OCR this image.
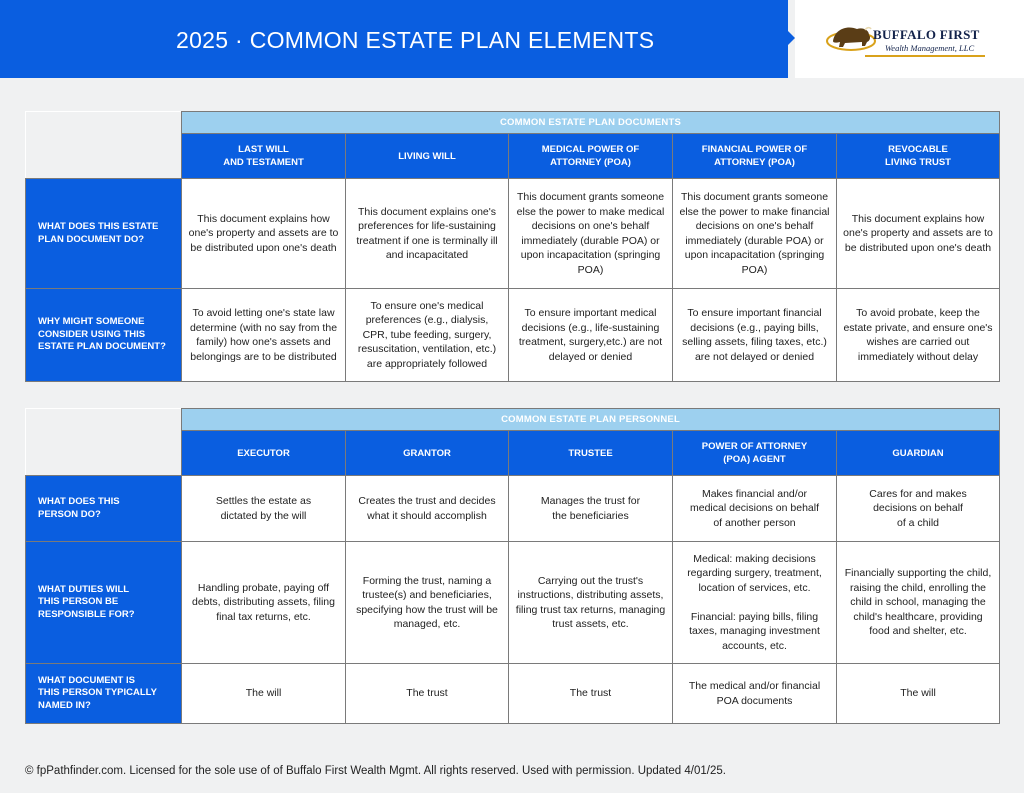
2025 · COMMON ESTATE PLAN ELEMENTS	BUFFALO FIRST
Wealth Management, LLC
	COMMON ESTATE PLAN DOCUMENTS				
	LAST WILL
AND TESTAMENT	LIVING WILL	MEDICAL POWER OF
ATTORNEY (POA)	FINANCIAL POWER OF
ATTORNEY (POA)	REVOCABLE
LIVING TRUST
WHAT DOES THIS ESTATE
PLAN DOCUMENT DO?	This document explains how one's property and assets are to be distributed upon one's death	This document explains one's preferences for life-sustaining treatment if one is terminally ill and incapacitated	This document grants someone else the power to make medical decisions on one's behalf immediately (durable POA) or upon incapacitation (springing POA)	This document grants someone else the power to make financial decisions on one's behalf immediately (durable POA) or upon incapacitation (springing POA)	This document explains how one's property and assets are to be distributed upon one's death
WHY MIGHT SOMEONE
CONSIDER USING THIS
ESTATE PLAN DOCUMENT?	To avoid letting one's state law determine (with no say from the family) how one's assets and belongings are to be distributed	To ensure one's medical preferences (e.g., dialysis, CPR, tube feeding, surgery, resuscitation, ventilation, etc.) are appropriately followed	To ensure important medical decisions (e.g., life-sustaining treatment, surgery,etc.) are not delayed or denied	To ensure important financial decisions (e.g., paying bills, selling assets, filing taxes, etc.) are not delayed or denied	To avoid probate, keep the estate private, and ensure one's wishes are carried out immediately without delay
	COMMON ESTATE PLAN PERSONNEL				
	EXECUTOR	GRANTOR	TRUSTEE	POWER OF ATTORNEY
(POA) AGENT	GUARDIAN
WHAT DOES THIS
PERSON DO?	Settles the estate as
dictated by the will	Creates the trust and decides
what it should accomplish	Manages the trust for
the beneficiaries	Makes financial and/or
medical decisions on behalf
of another person	Cares for and makes
decisions on behalf
of a child
WHAT DUTIES WILL
THIS PERSON BE
RESPONSIBLE FOR?	Handling probate, paying off debts, distributing assets, filing final tax returns, etc.	Forming the trust, naming a trustee(s) and beneficiaries, specifying how the trust will be managed, etc.	Carrying out the trust's instructions, distributing assets, filing trust tax returns, managing trust assets, etc.	Medical: making decisions regarding surgery, treatment, location of services, etc.

Financial: paying bills, filing taxes, managing investment accounts, etc.	Financially supporting the child, raising the child, enrolling the child in school, managing the child's healthcare, providing food and shelter, etc.
WHAT DOCUMENT IS
THIS PERSON TYPICALLY
NAMED IN?	The will	The trust	The trust	The medical and/or financial
POA documents	The will

© fpPathfinder.com. Licensed for the sole use of of Buffalo First Wealth Mgmt. All rights reserved. Used with permission. Updated 4/01/25.
